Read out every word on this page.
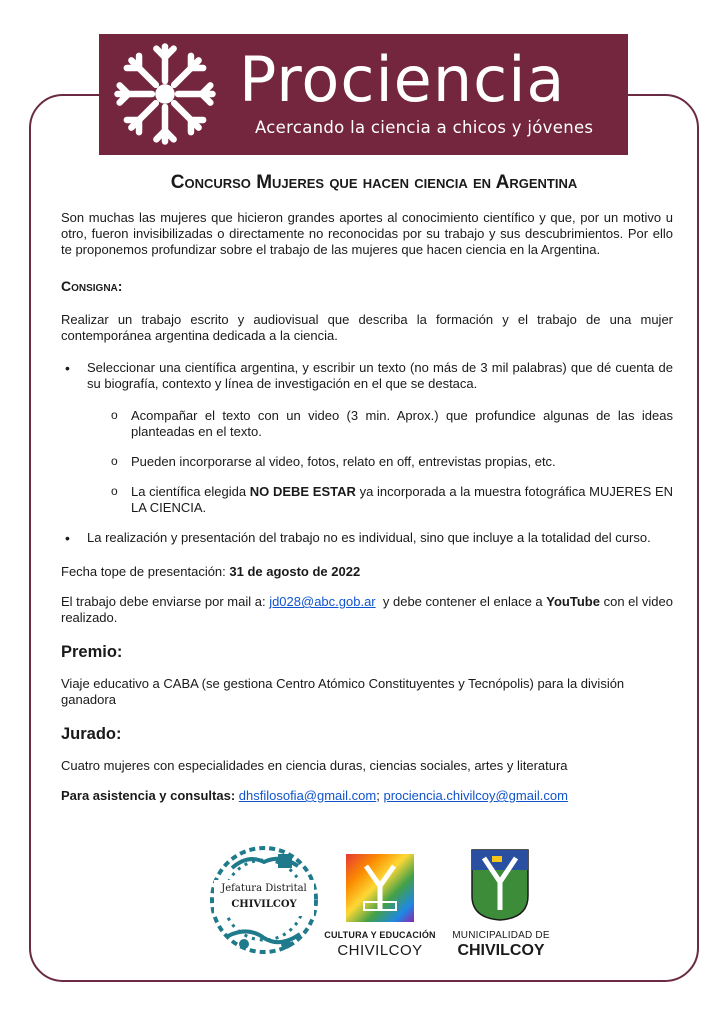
Prociencia
Acercando la ciencia a chicos y jóvenes
Concurso Mujeres que hacen ciencia en Argentina

Son muchas las mujeres que hicieron grandes aportes al conocimiento científico y que, por un motivo u otro, fueron invisibilizadas o directamente no reconocidas por su trabajo y sus descubrimientos. Por ello te proponemos profundizar sobre el trabajo de las mujeres que hacen ciencia en la Argentina.

Consigna:

Realizar un trabajo escrito y audiovisual que describa la formación y el trabajo de una mujer contemporánea argentina dedicada a la ciencia.

• Seleccionar una científica argentina, y escribir un texto (no más de 3 mil palabras) que dé cuenta de su biografía, contexto y línea de investigación en el que se destaca.
o Acompañar el texto con un video (3 min. Aprox.) que profundice algunas de las ideas planteadas en el texto.
o Pueden incorporarse al video, fotos, relato en off, entrevistas propias, etc.
o La científica elegida NO DEBE ESTAR ya incorporada a la muestra fotográfica MUJERES EN LA CIENCIA.
• La realización y presentación del trabajo no es individual, sino que incluye a la totalidad del curso.

Fecha tope de presentación: 31 de agosto de 2022

El trabajo debe enviarse por mail a: jd028@abc.gob.ar  y debe contener el enlace a YouTube con el video realizado.

Premio:

Viaje educativo a CABA (se gestiona Centro Atómico Constituyentes y Tecnópolis) para la división ganadora

Jurado:

Cuatro mujeres con especialidades en ciencia duras, ciencias sociales, artes y literatura

Para asistencia y consultas: dhsfilosofia@gmail.com; prociencia.chivilcoy@gmail.com

Jefatura Distrital
CHIVILCOY
CULTURA Y EDUCACIÓN
CHIVILCOY
MUNICIPALIDAD DE
CHIVILCOY
